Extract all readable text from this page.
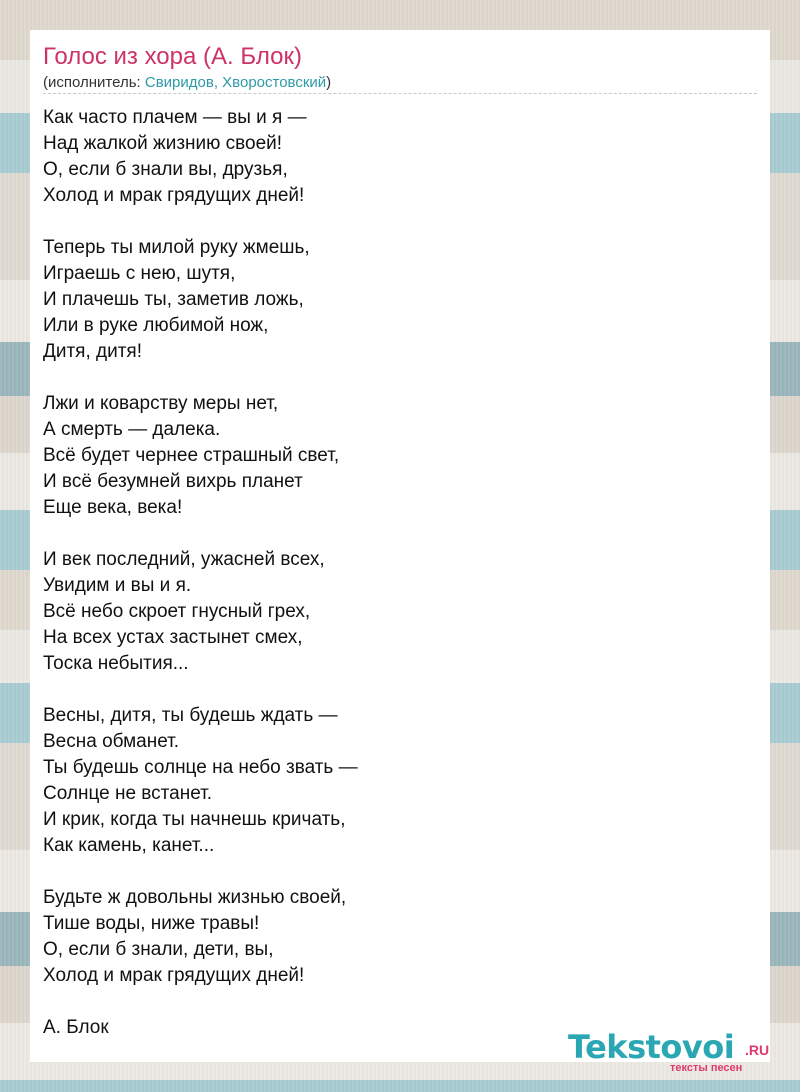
Голос из хора (А. Блок)
(исполнитель: Свиридов, Хворостовский)
Как часто плачем — вы и я —
Над жалкой жизнию своей!
О, если б знали вы, друзья,
Холод и мрак грядущих дней!
Теперь ты милой руку жмешь,
Играешь с нею, шутя,
И плачешь ты, заметив ложь,
Или в руке любимой нож,
Дитя, дитя!
Лжи и коварству меры нет,
А смерть — далека.
Всё будет чернее страшный свет,
И всё безумней вихрь планет
Еще века, века!
И век последний, ужасней всех,
Увидим и вы и я.
Всё небо скроет гнусный грех,
На всех устах застынет смех,
Тоска небытия...
Весны, дитя, ты будешь ждать —
Весна обманет.
Ты будешь солнце на небо звать —
Солнце не встанет.
И крик, когда ты начнешь кричать,
Как камень, канет...
Будьте ж довольны жизнью своей,
Тише воды, ниже травы!
О, если б знали, дети, вы,
Холод и мрак грядущих дней!
А. Блок
Tekstovoi .RU
тексты песен
